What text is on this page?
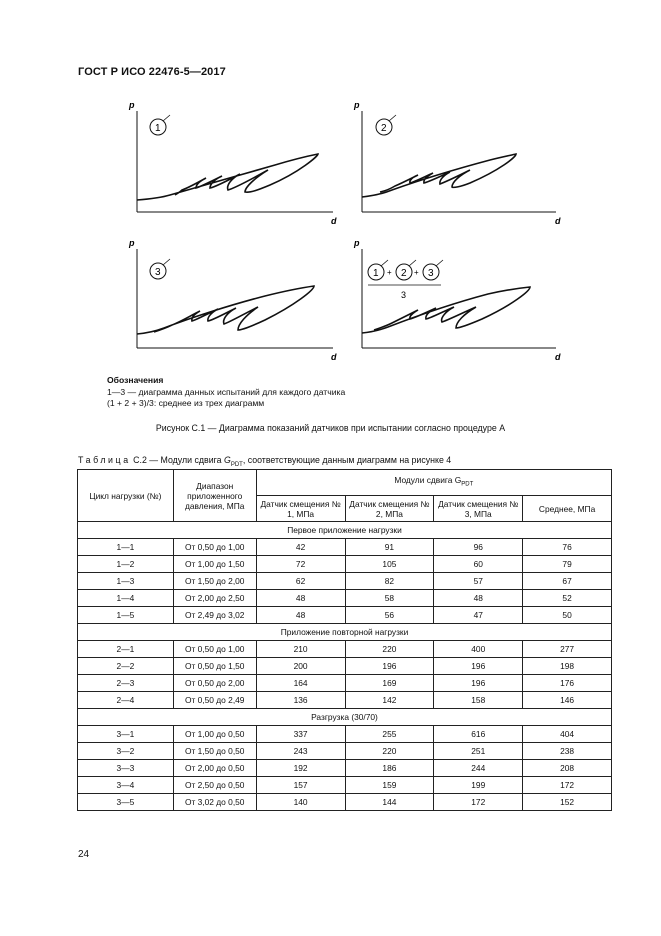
ГОСТ Р ИСО 22476-5—2017
p
d
1
p
d
2
p
d
3
p
d
1 + 2 + 3
3
Обозначения
1—3 — диаграмма данных испытаний для каждого датчика
(1 + 2 + 3)/3: среднее из трех диаграмм
Рисунок С.1 — Диаграмма показаний датчиков при испытании согласно процедуре А
Таблица С.2 — Модули сдвига $G_{PDT}$, соответствующие данным диаграмм на рисунке 4
Цикл нагрузки (№)	Диапазон приложенного давления, МПа	Модули сдвига $G_{PDT}$
		Датчик смещения № 1, МПа	Датчик смещения № 2, МПа	Датчик смещения № 3, МПа	Среднее, МПа
Первое приложение нагрузки					
1—1	От 0,50 до 1,00	42	91	96	76
1—2	От 1,00 до 1,50	72	105	60	79
1—3	От 1,50 до 2,00	62	82	57	67
1—4	От 2,00 до 2,50	48	58	48	52
1—5	От 2,49 до 3,02	48	56	47	50
Приложение повторной нагрузки					
2—1	От 0,50 до 1,00	210	220	400	277
2—2	От 0,50 до 1,50	200	196	196	198
2—3	От 0,50 до 2,00	164	169	196	176
2—4	От 0,50 до 2,49	136	142	158	146
Разгрузка (30/70)					
3—1	От 1,00 до 0,50	337	255	616	404
3—2	От 1,50 до 0,50	243	220	251	238
3—3	От 2,00 до 0,50	192	186	244	208
3—4	От 2,50 до 0,50	157	159	199	172
3—5	От 3,02 до 0,50	140	144	172	152
24
